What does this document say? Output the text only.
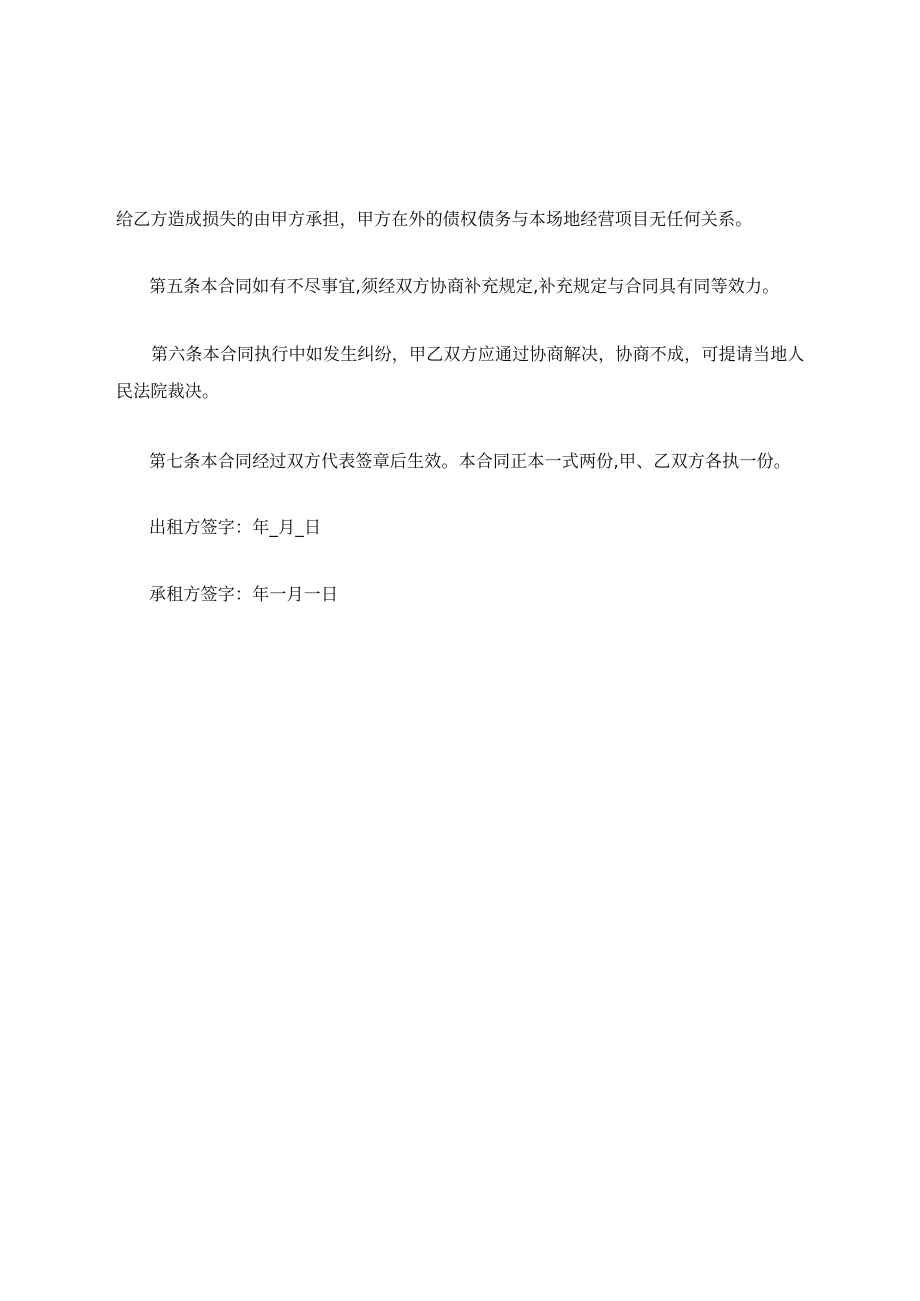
给乙方造成损失的由甲方承担，甲方在外的债权债务与本场地经营项目无任何关系。

第五条本合同如有不尽事宜,须经双方协商补充规定,补充规定与合同具有同等效力。

第六条本合同执行中如发生纠纷，甲乙双方应通过协商解决，协商不成，可提请当地人

民法院裁决。

第七条本合同经过双方代表签章后生效。本合同正本一式两份,甲、乙双方各执一份。

出租方签字：年_月_日

承租方签字：年一月一日
